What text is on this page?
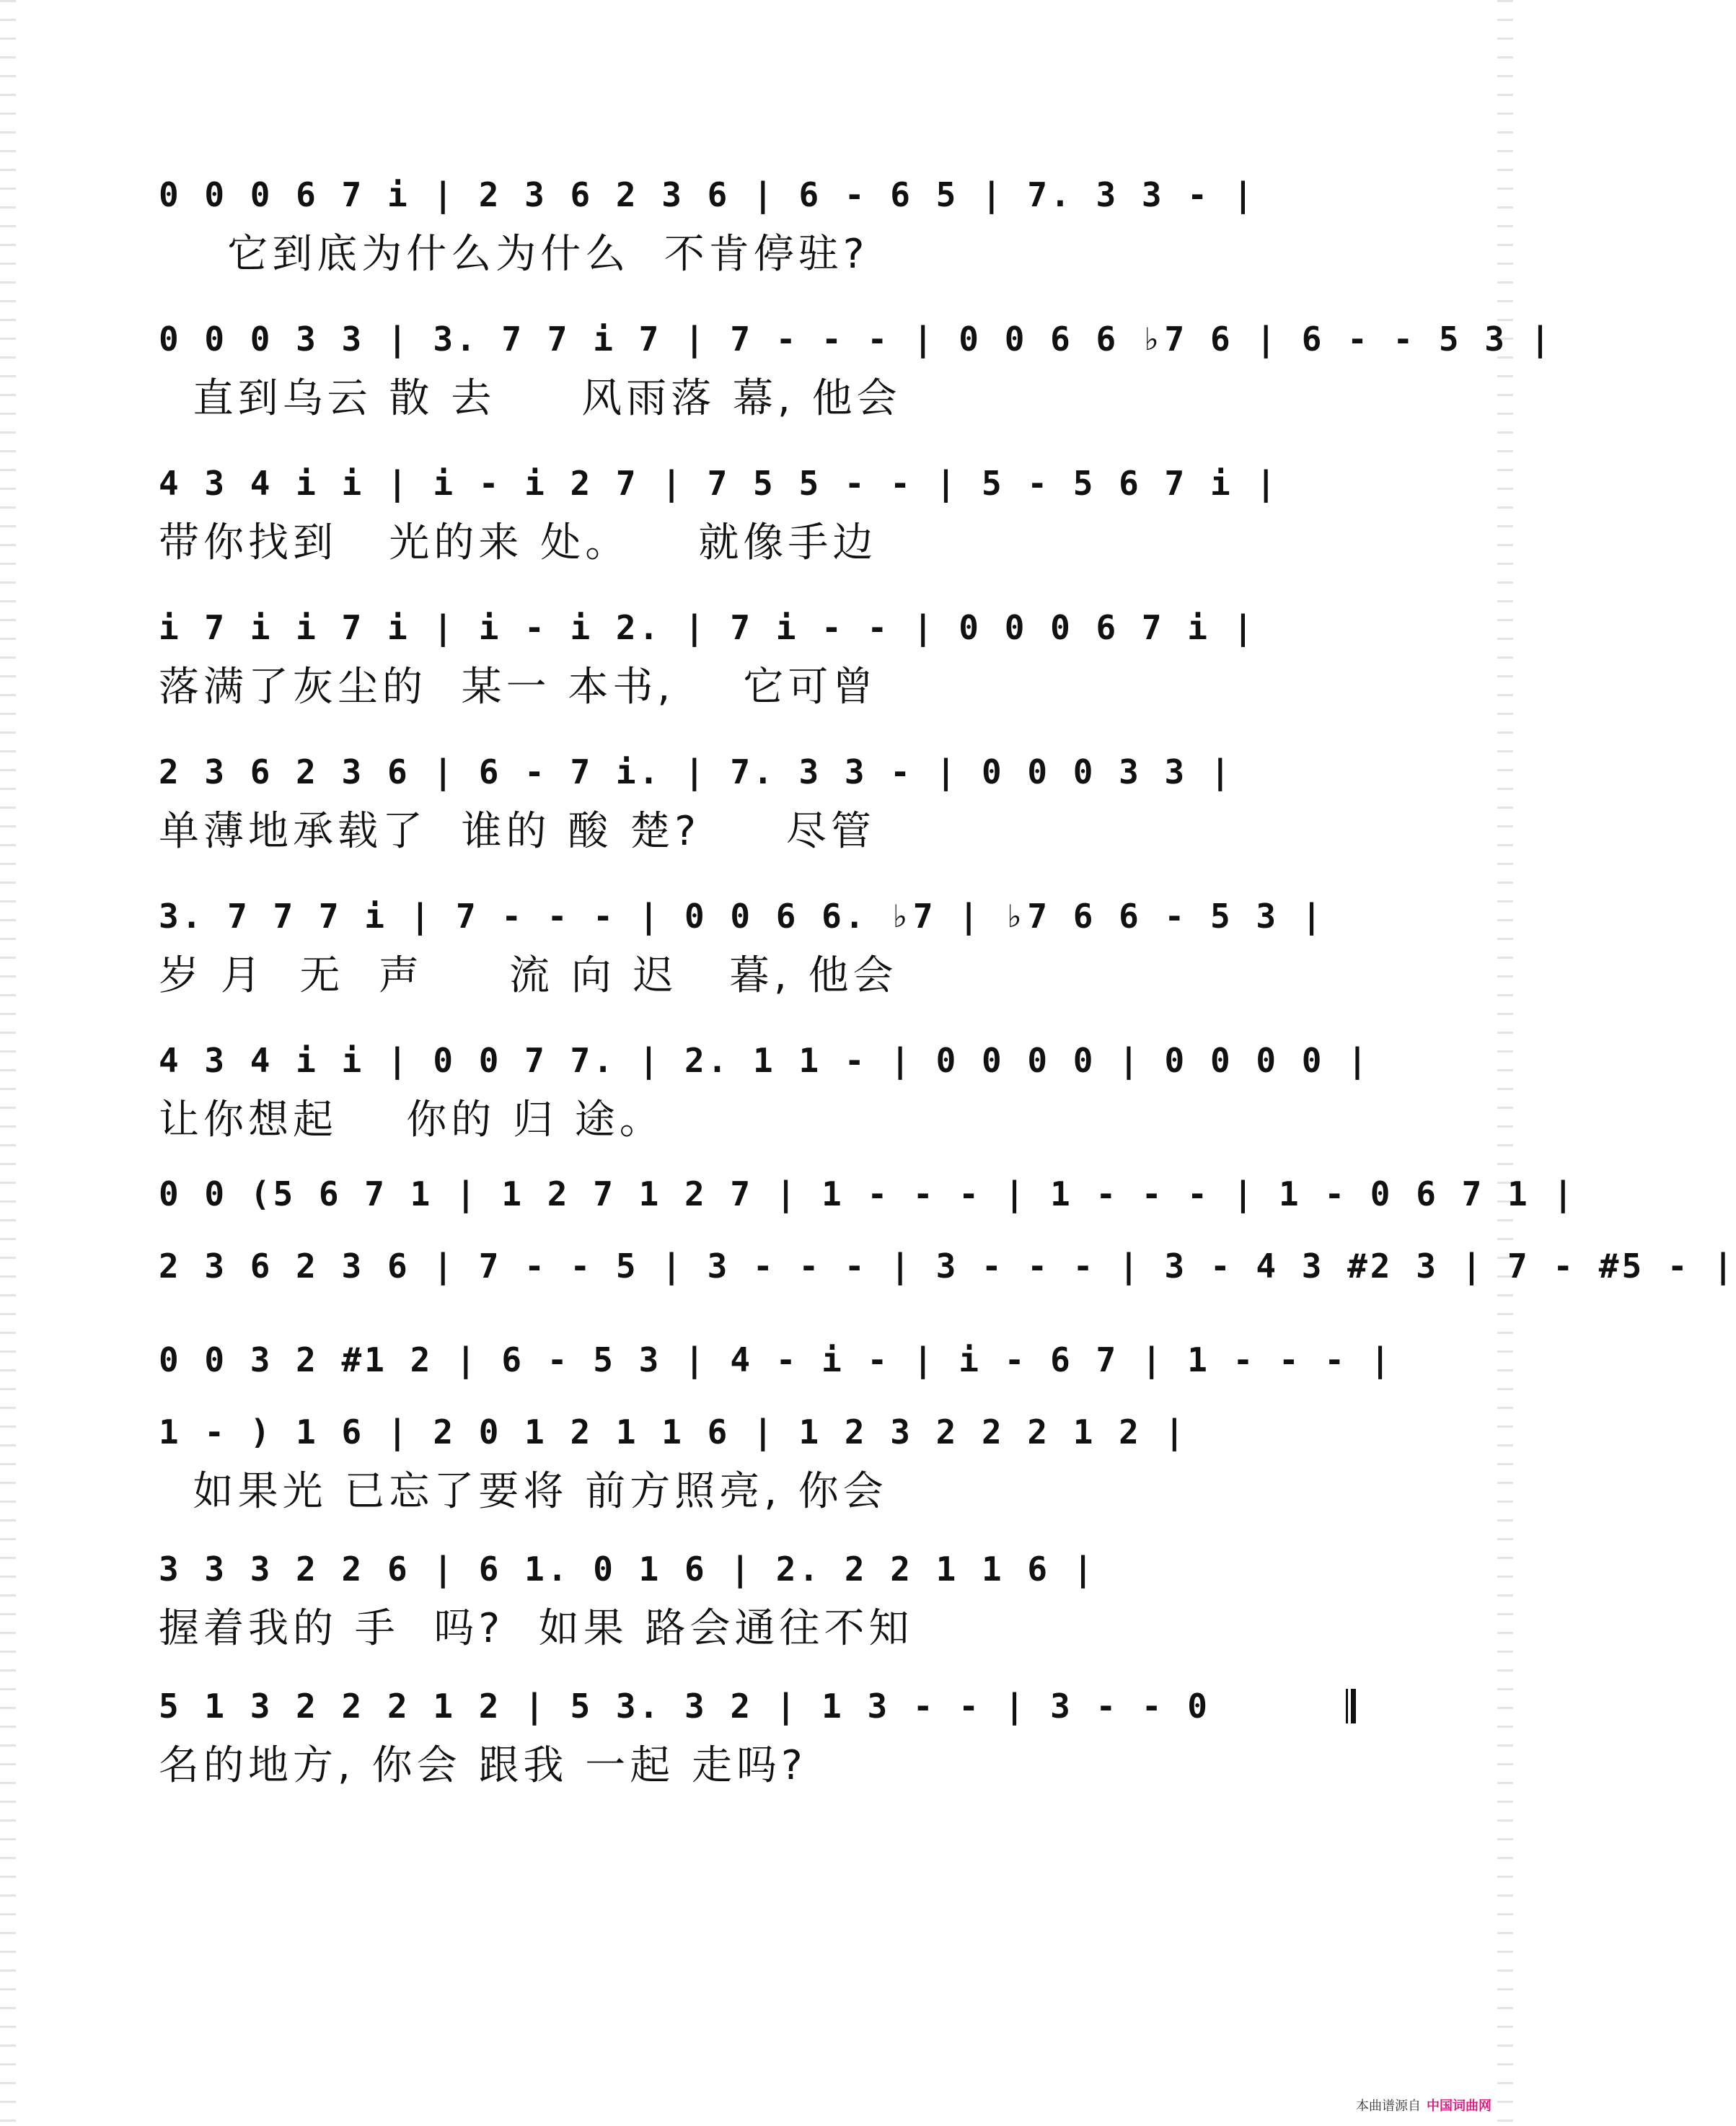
0 0 0 6 7 i | 2 3 6 2 3 6 | 6 - 6 5 | 7. 3 3 - |
它到底为什么为什么  不肯停驻?
0 0 0 3 3 | 3. 7 7 i 7 | 7 - - - | 0 0 6 6 ♭7 6 | 6 - - 5 3 |
直到乌云 散 去     风雨落 幕, 他会
4 3 4 i i | i - i 2 7 | 7 5 5 - - | 5 - 5 6 7 i |
带你找到   光的来 处。    就像手边
i 7 i i 7 i | i - i 2. | 7 i - - | 0 0 0 6 7 i |
落满了灰尘的  某一 本书,    它可曾
2 3 6 2 3 6 | 6 - 7 i. | 7. 3 3 - | 0 0 0 3 3 |
单薄地承载了  谁的 酸 楚?     尽管
3. 7 7 7 i | 7 - - - | 0 0 6 6. ♭7 | ♭7 6 6 - 5 3 |
岁 月  无  声     流 向 迟   暮, 他会
4 3 4 i i | 0 0 7 7. | 2. 1 1 - | 0 0 0 0 | 0 0 0 0 |
让你想起    你的 归 途。
0 0 (5 6 7 1 | 1 2 7 1 2 7 | 1 - - - | 1 - - - | 1 - 0 6 7 1 |
2 3 6 2 3 6 | 7 - - 5 | 3 - - - | 3 - - - | 3 - 4 3 #2 3 | 7 - #5 - |
0 0 3 2 #1 2 | 6 - 5 3 | 4 - i - | i - 6 7 | 1 - - - |
1 - ) 1 6 | 2 0 1 2 1 1 6 | 1 2 3 2 2 2 1 2 |
如果光 已忘了要将 前方照亮, 你会
3 3 3 2 2 6 | 6 1. 0 1 6 | 2. 2 2 1 1 6 |
握着我的 手  吗?  如果 路会通往不知
5 1 3 2 2 2 1 2 | 5 3. 3 2 | 1 3 - - | 3 - - 0
名的地方, 你会 跟我 一起 走吗?
本曲谱源自 中国词曲网
